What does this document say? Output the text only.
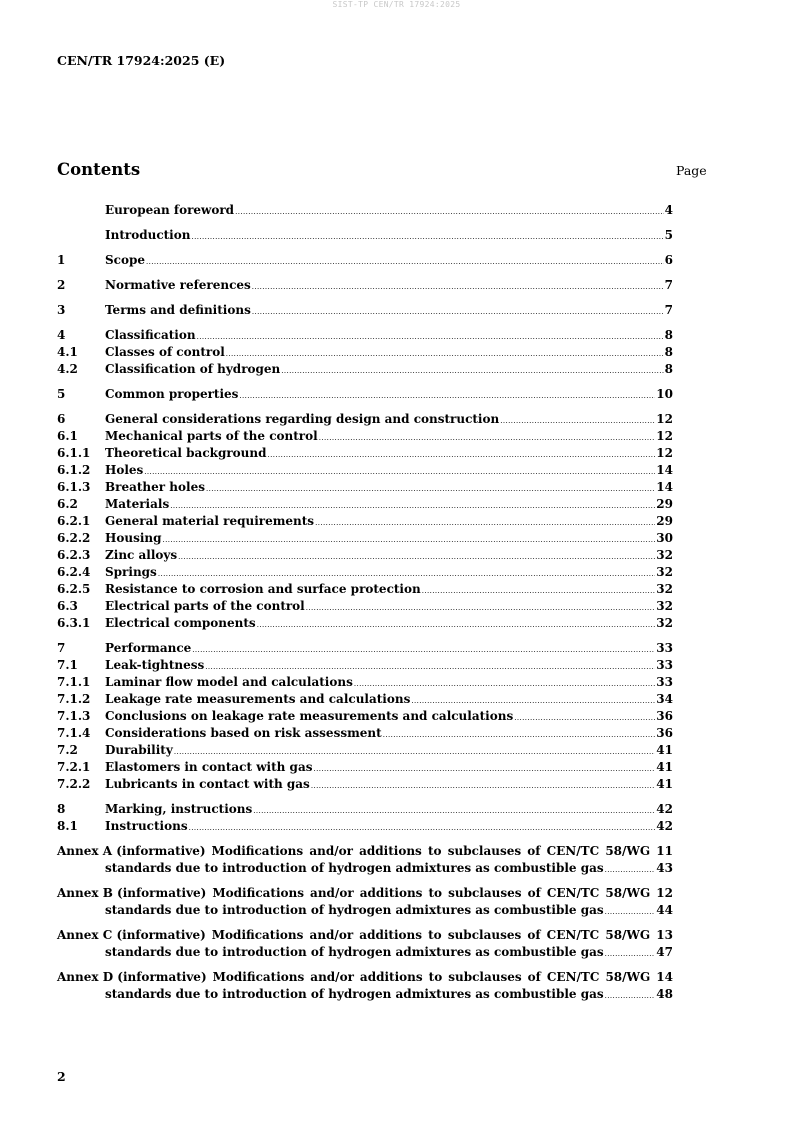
SIST-TP CEN/TR 17924:2025
CEN/TR 17924:2025 (E)
Contents	Page
European foreword .....	4
Introduction .....	5
1	Scope .....	6
2	Normative references .....	7
3	Terms and definitions .....	7
4	Classification .....	8
4.1	Classes of control .....	8
4.2	Classification of hydrogen .....	8
5	Common properties .....	10
6	General considerations regarding design and construction .....	12
6.1	Mechanical parts of the control .....	12
6.1.1	Theoretical background .....	12
6.1.2	Holes .....	14
6.1.3	Breather holes .....	14
6.2	Materials .....	29
6.2.1	General material requirements .....	29
6.2.2	Housing .....	30
6.2.3	Zinc alloys .....	32
6.2.4	Springs .....	32
6.2.5	Resistance to corrosion and surface protection .....	32
6.3	Electrical parts of the control .....	32
6.3.1	Electrical components .....	32
7	Performance .....	33
7.1	Leak-tightness .....	33
7.1.1	Laminar flow model and calculations .....	33
7.1.2	Leakage rate measurements and calculations .....	34
7.1.3	Conclusions on leakage rate measurements and calculations .....	36
7.1.4	Considerations based on risk assessment .....	36
7.2	Durability .....	41
7.2.1	Elastomers in contact with gas .....	41
7.2.2	Lubricants in contact with gas .....	41
8	Marking, instructions .....	42
8.1	Instructions .....	42
Annex A (informative) Modifications and/or additions to subclauses of CEN/TC 58/WG 11
standards due to introduction of hydrogen admixtures as combustible gas .....	43
Annex B (informative) Modifications and/or additions to subclauses of CEN/TC 58/WG 12
standards due to introduction of hydrogen admixtures as combustible gas .....	44
Annex C (informative) Modifications and/or additions to subclauses of CEN/TC 58/WG 13
standards due to introduction of hydrogen admixtures as combustible gas .....	47
Annex D (informative) Modifications and/or additions to subclauses of CEN/TC 58/WG 14
standards due to introduction of hydrogen admixtures as combustible gas .....	48
2
